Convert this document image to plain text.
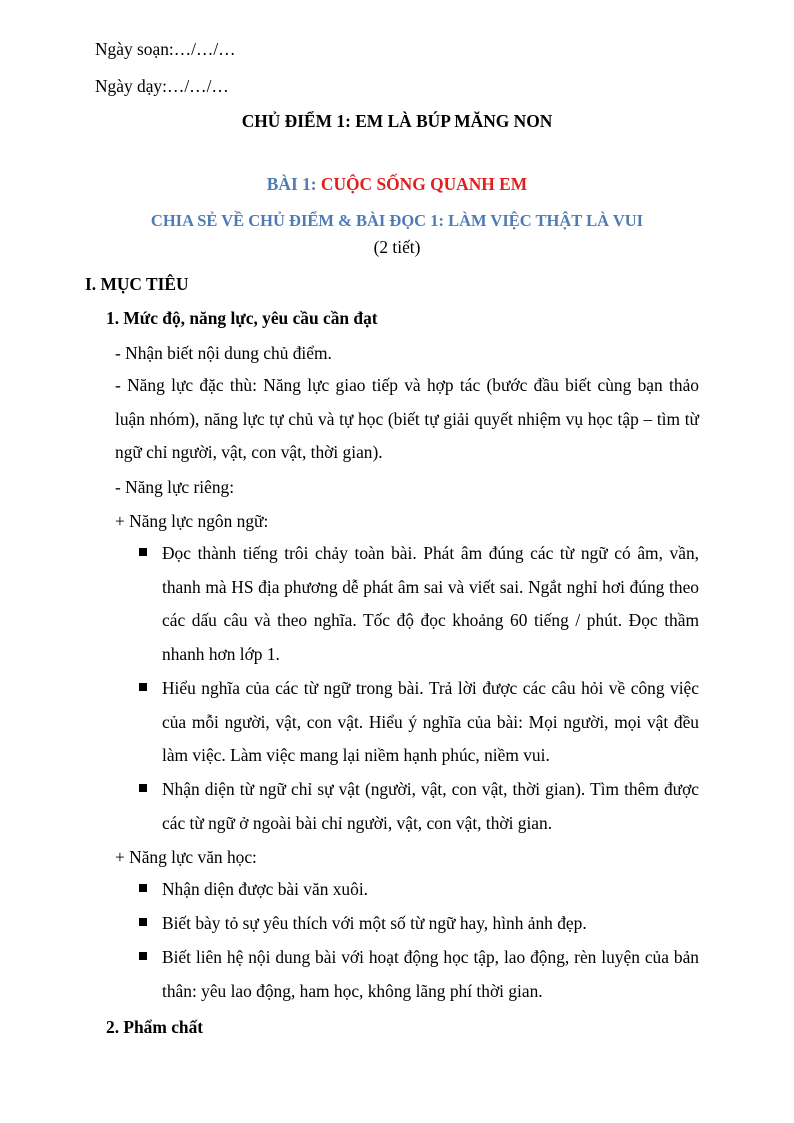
Ngày soạn:…/…/…
Ngày dạy:…/…/…
CHỦ ĐIỂM 1: EM LÀ BÚP MĂNG NON
BÀI 1: CUỘC SỐNG QUANH EM
CHIA SẺ VỀ CHỦ ĐIỂM & BÀI ĐỌC 1: LÀM VIỆC THẬT LÀ VUI
(2 tiết)
I. MỤC TIÊU
1. Mức độ, năng lực, yêu cầu cần đạt
- Nhận biết nội dung chủ điểm.
- Năng lực đặc thù: Năng lực giao tiếp và hợp tác (bước đầu biết cùng bạn thảo luận nhóm), năng lực tự chủ và tự học (biết tự giải quyết nhiệm vụ học tập – tìm từ ngữ chỉ người, vật, con vật, thời gian).
- Năng lực riêng:
+ Năng lực ngôn ngữ:
Đọc thành tiếng trôi chảy toàn bài. Phát âm đúng các từ ngữ có âm, vần, thanh mà HS địa phương dễ phát âm sai và viết sai. Ngắt nghỉ hơi đúng theo các dấu câu và theo nghĩa. Tốc độ đọc khoảng 60 tiếng / phút. Đọc thầm nhanh hơn lớp 1.
Hiểu nghĩa của các từ ngữ trong bài. Trả lời được các câu hỏi về công việc của mỗi người, vật, con vật. Hiểu ý nghĩa của bài: Mọi người, mọi vật đều làm việc. Làm việc mang lại niềm hạnh phúc, niềm vui.
Nhận diện từ ngữ chỉ sự vật (người, vật, con vật, thời gian). Tìm thêm được các từ ngữ ở ngoài bài chỉ người, vật, con vật, thời gian.
+ Năng lực văn học:
Nhận diện được bài văn xuôi.
Biết bày tỏ sự yêu thích với một số từ ngữ hay, hình ảnh đẹp.
Biết liên hệ nội dung bài với hoạt động học tập, lao động, rèn luyện của bản thân: yêu lao động, ham học, không lãng phí thời gian.
2. Phẩm chất
